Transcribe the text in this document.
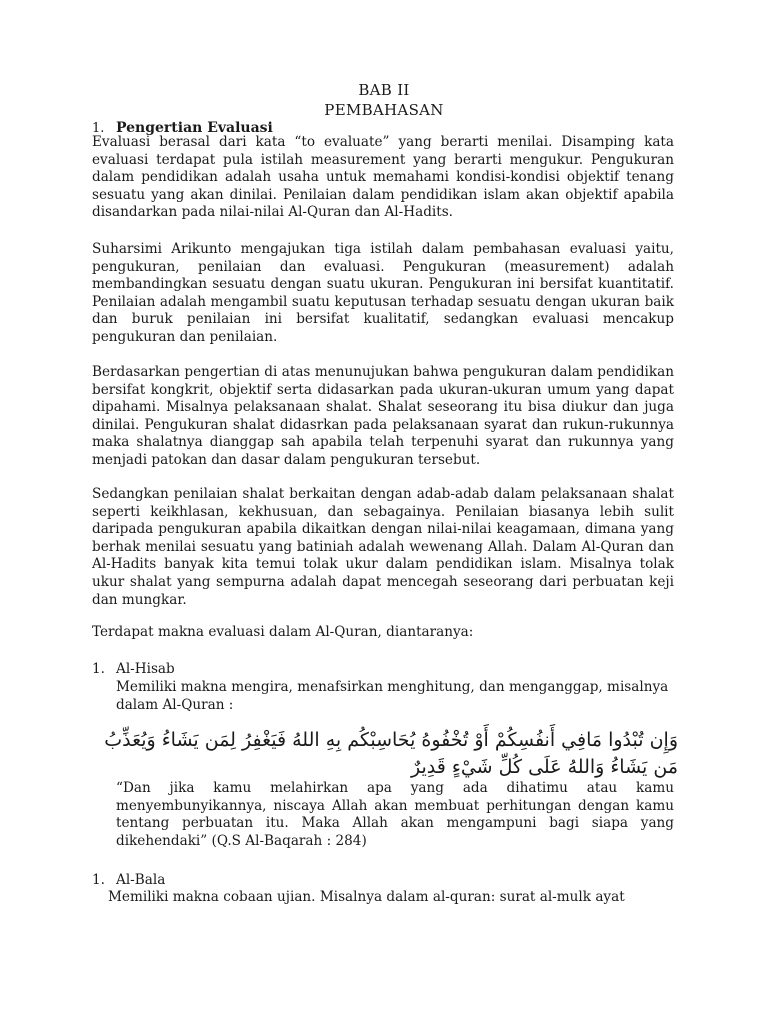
BAB II
PEMBAHASAN
1. Pengertian Evaluasi

Evaluasi berasal dari kata “to evaluate” yang berarti menilai. Disamping kata evaluasi terdapat pula istilah measurement yang berarti mengukur. Pengukuran dalam pendidikan adalah usaha untuk memahami kondisi-kondisi objektif tenang sesuatu yang akan dinilai. Penilaian dalam pendidikan islam akan objektif apabila disandarkan pada nilai-nilai Al-Quran dan Al-Hadits.

Suharsimi Arikunto mengajukan tiga istilah dalam pembahasan evaluasi yaitu, pengukuran, penilaian dan evaluasi. Pengukuran (measurement) adalah membandingkan sesuatu dengan suatu ukuran. Pengukuran ini bersifat kuantitatif. Penilaian adalah mengambil suatu keputusan terhadap sesuatu dengan ukuran baik dan buruk penilaian ini bersifat kualitatif, sedangkan evaluasi mencakup pengukuran dan penilaian.

Berdasarkan pengertian di atas menunujukan bahwa pengukuran dalam pendidikan bersifat kongkrit, objektif serta didasarkan pada ukuran-ukuran umum yang dapat dipahami. Misalnya pelaksanaan shalat. Shalat seseorang itu bisa diukur dan juga dinilai. Pengukuran shalat didasrkan pada pelaksanaan syarat dan rukun-rukunnya maka shalatnya dianggap sah apabila telah terpenuhi syarat dan rukunnya yang menjadi patokan dan dasar dalam pengukuran tersebut.

Sedangkan penilaian shalat berkaitan dengan adab-adab dalam pelaksanaan shalat seperti keikhlasan, kekhusuan, dan sebagainya. Penilaian biasanya lebih sulit daripada pengukuran apabila dikaitkan dengan nilai-nilai keagamaan, dimana yang berhak menilai sesuatu yang batiniah adalah wewenang Allah. Dalam Al-Quran dan Al-Hadits banyak kita temui tolak ukur dalam pendidikan islam. Misalnya tolak ukur shalat yang sempurna adalah dapat mencegah seseorang dari perbuatan keji dan mungkar.

Terdapat makna evaluasi dalam Al-Quran, diantaranya:

1. Al-Hisab

Memiliki makna mengira, menafsirkan menghitung, dan menganggap, misalnya dalam Al-Quran :

وَإِن تُبْدُوا مَافِي أَنفُسِكُمْ أَوْ تُخْفُوهُ يُحَاسِبْكُم بِهِ اللهُ فَيَغْفِرُ لِمَن يَشَاءُ وَيُعَذِّبُ مَن يَشَاءُ وَاللهُ عَلَى كُلِّ شَيْءٍ قَدِيرٌ

“Dan jika kamu melahirkan apa yang ada dihatimu atau kamu menyembunyikannya, niscaya Allah akan membuat perhitungan dengan kamu tentang perbuatan itu. Maka Allah akan mengampuni bagi siapa yang dikehendaki” (Q.S Al-Baqarah : 284)

1. Al-Bala

Memiliki makna cobaan ujian. Misalnya dalam al-quran: surat al-mulk ayat
